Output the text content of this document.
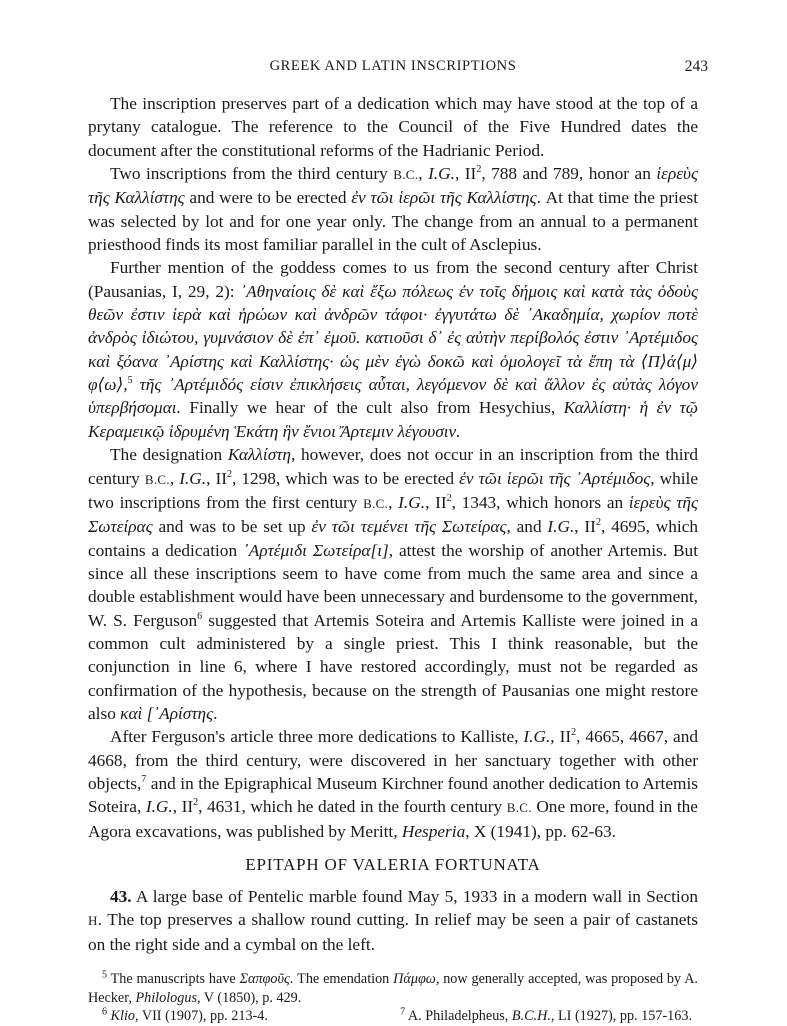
GREEK AND LATIN INSCRIPTIONS	243

The inscription preserves part of a dedication which may have stood at the top of a prytany catalogue. The reference to the Council of the Five Hundred dates the document after the constitutional reforms of the Hadrianic Period.

Two inscriptions from the third century B.C., I.G., $II^2$, 788 and 789, honor an ἱερεὺς τῆς Καλλίστης and were to be erected ἐν τῶι ἱερῶι τῆς Καλλίστης. At that time the priest was selected by lot and for one year only. The change from an annual to a permanent priesthood finds its most familiar parallel in the cult of Asclepius.

Further mention of the goddess comes to us from the second century after Christ (Pausanias, I, 29, 2): ᾿Αθηναίοις δὲ καὶ ἔξω πόλεως ἐν τοῖς δήμοις καὶ κατὰ τὰς ὁδοὺς θεῶν ἐστιν ἱερὰ καὶ ἡρώων καὶ ἀνδρῶν τάφοι· ἐγγυτάτω δὲ ᾿Ακαδημία, χωρίον ποτὲ ἀνδρὸς ἰδιώτου, γυμνάσιον δὲ ἐπ᾿ ἐμοῦ. κατιοῦσι δ᾿ ἐς αὐτὴν περίβολός ἐστιν ᾿Αρτέμιδος καὶ ξόανα ᾿Αρίστης καὶ Καλλίστης· ὡς μὲν ἐγὼ δοκῶ καὶ ὁμολογεῖ τὰ ἔπη τὰ ⟨Π⟩ά⟨μ⟩φ⟨ω⟩,$^5$ τῆς ᾿Αρτέμιδός εἰσιν ἐπικλήσεις αὗται, λεγόμενον δὲ καὶ ἄλλον ἐς αὐτὰς λόγον ὑπερβήσομαι. Finally we hear of the cult also from Hesychius, Καλλίστη· ἡ ἐν τῷ Κεραμεικῷ ἱδρυμένη Ἑκάτη ἣν ἔνιοι Ἄρτεμιν λέγουσιν.

The designation Καλλίστη, however, does not occur in an inscription from the third century B.C., I.G., $II^2$, 1298, which was to be erected ἐν τῶι ἱερῶι τῆς ᾿Αρτέμιδος, while two inscriptions from the first century B.C., I.G., $II^2$, 1343, which honors an ἱερεὺς τῆς Σωτείρας and was to be set up ἐν τῶι τεμένει τῆς Σωτείρας, and I.G., $II^2$, 4695, which contains a dedication ᾿Αρτέμιδι Σωτείρα[ι], attest the worship of another Artemis. But since all these inscriptions seem to have come from much the same area and since a double establishment would have been unnecessary and burdensome to the government, W. S. Ferguson$^6$ suggested that Artemis Soteira and Artemis Kalliste were joined in a common cult administered by a single priest. This I think reasonable, but the conjunction in line 6, where I have restored accordingly, must not be regarded as confirmation of the hypothesis, because on the strength of Pausanias one might restore also καὶ [᾿Αρίστης.

After Ferguson's article three more dedications to Kalliste, I.G., $II^2$, 4665, 4667, and 4668, from the third century, were discovered in her sanctuary together with other objects,$^7$ and in the Epigraphical Museum Kirchner found another dedication to Artemis Soteira, I.G., $II^2$, 4631, which he dated in the fourth century B.C. One more, found in the Agora excavations, was published by Meritt, Hesperia, X (1941), pp. 62-63.

EPITAPH OF VALERIA FORTUNATA

43. A large base of Pentelic marble found May 5, 1933 in a modern wall in Section H. The top preserves a shallow round cutting. In relief may be seen a pair of castanets on the right side and a cymbal on the left.

$^5$ The manuscripts have Σαπφοῦς. The emendation Πάμφω, now generally accepted, was proposed by A. Hecker, Philologus, V (1850), p. 429.
$^6$ Klio, VII (1907), pp. 213-4.	$^7$ A. Philadelpheus, B.C.H., LI (1927), pp. 157-163.
